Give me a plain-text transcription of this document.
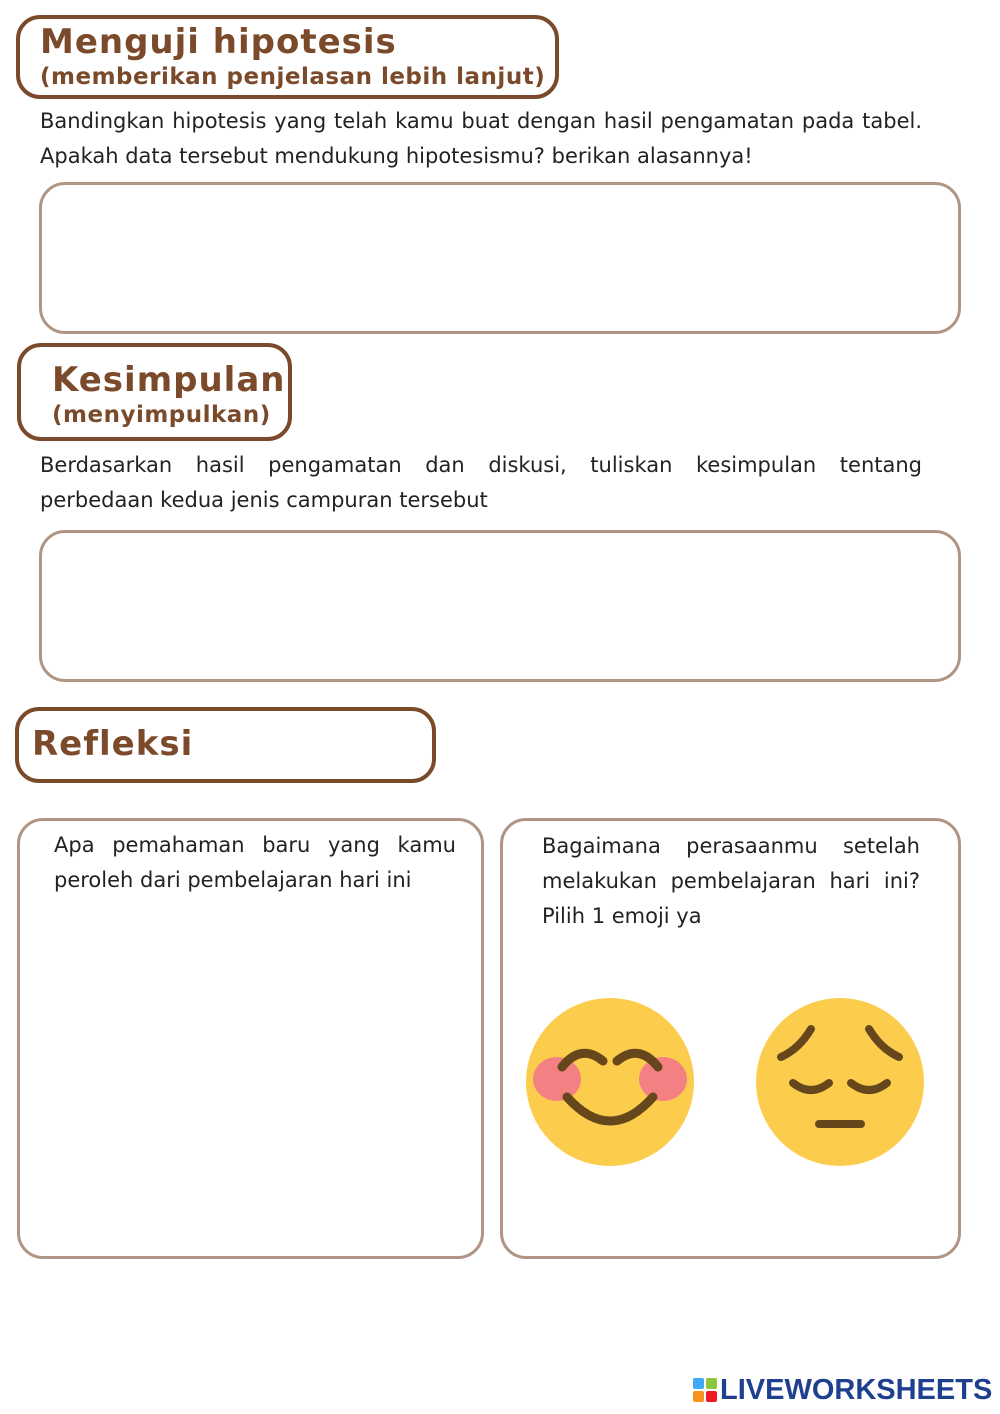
Menguji hipotesis
(memberikan penjelasan lebih lanjut)
Bandingkan hipotesis yang telah kamu buat dengan hasil pengamatan pada tabel. Apakah data tersebut mendukung hipotesismu? berikan alasannya!
Kesimpulan
(menyimpulkan)
Berdasarkan hasil pengamatan dan diskusi, tuliskan kesimpulan tentang perbedaan kedua jenis campuran tersebut
Refleksi
Apa pemahaman baru yang kamu peroleh dari pembelajaran hari ini
Bagaimana perasaanmu setelah melakukan pembelajaran hari ini? Pilih 1 emoji ya
LIVEWORKSHEETS
